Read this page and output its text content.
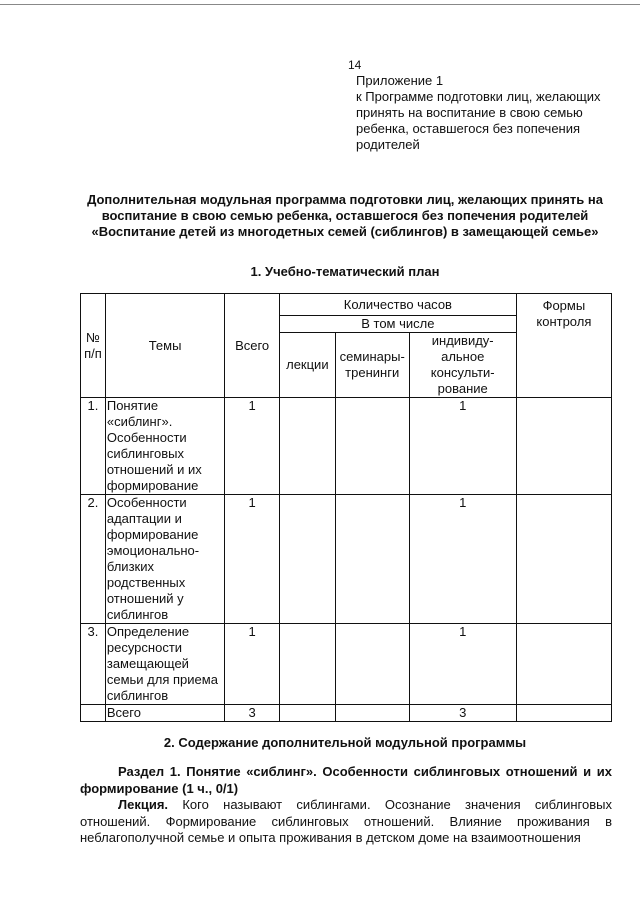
14
Приложение 1
к Программе подготовки лиц, желающих
принять на воспитание в свою семью
ребенка, оставшегося без попечения
родителей
Дополнительная модульная программа подготовки лиц, желающих принять на
воспитание в свою семью ребенка, оставшегося без попечения родителей
«Воспитание детей из многодетных семей (сиблингов) в замещающей семье»
1. Учебно-тематический план
№ п/п	Темы	Всего	Количество часов			Формы контроля
			В том числе			
			лекции	семинары-тренинги	индивиду-альное консульти-рование	
1.	Понятие «сиблинг». Особенности сиблинговых отношений и их формирование	1			1	
2.	Особенности адаптации и формирование эмоционально-близких родственных отношений у сиблингов	1			1	
3.	Определение ресурсности замещающей семьи для приема сиблингов	1			1	
	Всего	3			3	
2. Содержание дополнительной модульной программы

Раздел 1. Понятие «сиблинг». Особенности сиблинговых отношений и их формирование (1 ч., 0/1)

Лекция. Кого называют сиблингами. Осознание значения сиблинговых отношений. Формирование сиблинговых отношений. Влияние проживания в неблагополучной семье и опыта проживания в детском доме на взаимоотношения
